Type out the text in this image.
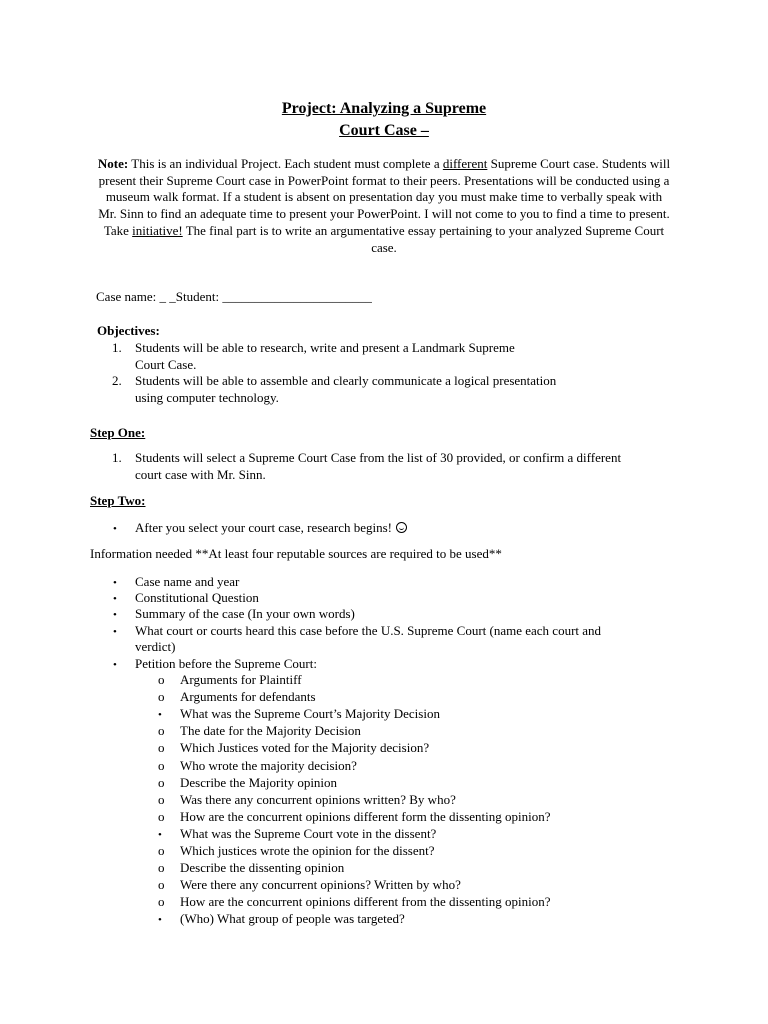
Project: Analyzing a Supreme
Court Case –

Note: This is an individual Project. Each student must complete a different Supreme Court case. Students will present their Supreme Court case in PowerPoint format to their peers. Presentations will be conducted using a museum walk format. If a student is absent on presentation day you must make time to verbally speak with Mr. Sinn to find an adequate time to present your PowerPoint. I will not come to you to find a time to present. Take initiative! The final part is to write an argumentative essay pertaining to your analyzed Supreme Court case.

Case name: _ _Student: _______________________
Objectives:
1. Students will be able to research, write and present a Landmark Supreme
Court Case.
2. Students will be able to assemble and clearly communicate a logical presentation
using computer technology.
Step One:
1. Students will select a Supreme Court Case from the list of 30 provided, or confirm a different
court case with Mr. Sinn.
Step Two:
• After you select your court case, research begins!
Information needed **At least four reputable sources are required to be used**
• Case name and year
• Constitutional Question
• Summary of the case (In your own words)
• What court or courts heard this case before the U.S. Supreme Court (name each court and
verdict)
• Petition before the Supreme Court:
o Arguments for Plaintiff
o Arguments for defendants
• What was the Supreme Court’s Majority Decision
o The date for the Majority Decision
o Which Justices voted for the Majority decision?
o Who wrote the majority decision?
o Describe the Majority opinion
o Was there any concurrent opinions written? By who?
o How are the concurrent opinions different form the dissenting opinion?
• What was the Supreme Court vote in the dissent?
o Which justices wrote the opinion for the dissent?
o Describe the dissenting opinion
o Were there any concurrent opinions? Written by who?
o How are the concurrent opinions different from the dissenting opinion?
• (Who) What group of people was targeted?
